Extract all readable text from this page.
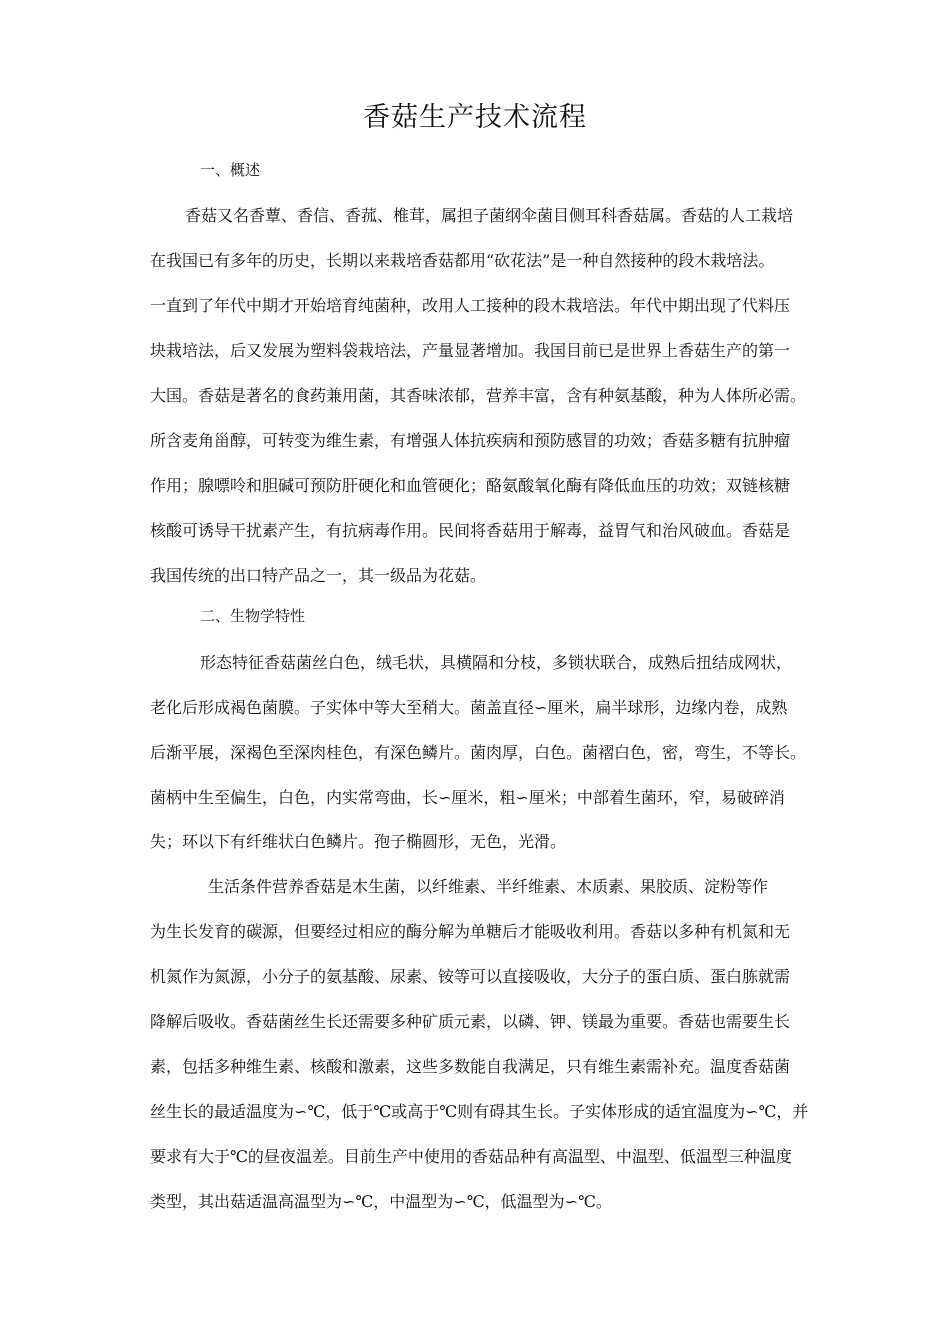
香菇生产技术流程
一、概述
香菇又名香蕈、香信、香菰、椎茸，属担子菌纲伞菌目侧耳科香菇属。香菇的人工栽培
在我国已有多年的历史，长期以来栽培香菇都用“砍花法”是一种自然接种的段木栽培法。
一直到了年代中期才开始培育纯菌种，改用人工接种的段木栽培法。年代中期出现了代料压
块栽培法，后又发展为塑料袋栽培法，产量显著增加。我国目前已是世界上香菇生产的第一
大国。香菇是著名的食药兼用菌，其香味浓郁，营养丰富，含有种氨基酸，种为人体所必需。
所含麦角甾醇，可转变为维生素，有增强人体抗疾病和预防感冒的功效；香菇多糖有抗肿瘤
作用；腺嘌呤和胆碱可预防肝硬化和血管硬化；酪氨酸氧化酶有降低血压的功效；双链核糖
核酸可诱导干扰素产生，有抗病毒作用。民间将香菇用于解毒，益胃气和治风破血。香菇是
我国传统的出口特产品之一，其一级品为花菇。
二、生物学特性
形态特征香菇菌丝白色，绒毛状，具横隔和分枝，多锁状联合，成熟后扭结成网状，
老化后形成褐色菌膜。子实体中等大至稍大。菌盖直径∽厘米，扁半球形，边缘内卷，成熟
后渐平展，深褐色至深肉桂色，有深色鳞片。菌肉厚，白色。菌褶白色，密，弯生，不等长。
菌柄中生至偏生，白色，内实常弯曲，长∽厘米，粗∽厘米；中部着生菌环，窄，易破碎消
失；环以下有纤维状白色鳞片。孢子椭圆形，无色，光滑。
生活条件营养香菇是木生菌，以纤维素、半纤维素、木质素、果胶质、淀粉等作
为生长发育的碳源，但要经过相应的酶分解为单糖后才能吸收利用。香菇以多种有机氮和无
机氮作为氮源，小分子的氨基酸、尿素、铵等可以直接吸收，大分子的蛋白质、蛋白胨就需
降解后吸收。香菇菌丝生长还需要多种矿质元素，以磷、钾、镁最为重要。香菇也需要生长
素，包括多种维生素、核酸和激素，这些多数能自我满足，只有维生素需补充。温度香菇菌
丝生长的最适温度为∽℃，低于℃或高于℃则有碍其生长。子实体形成的适宜温度为∽℃，并
要求有大于℃的昼夜温差。目前生产中使用的香菇品种有高温型、中温型、低温型三种温度
类型，其出菇适温高温型为∽℃，中温型为∽℃，低温型为∽℃。
